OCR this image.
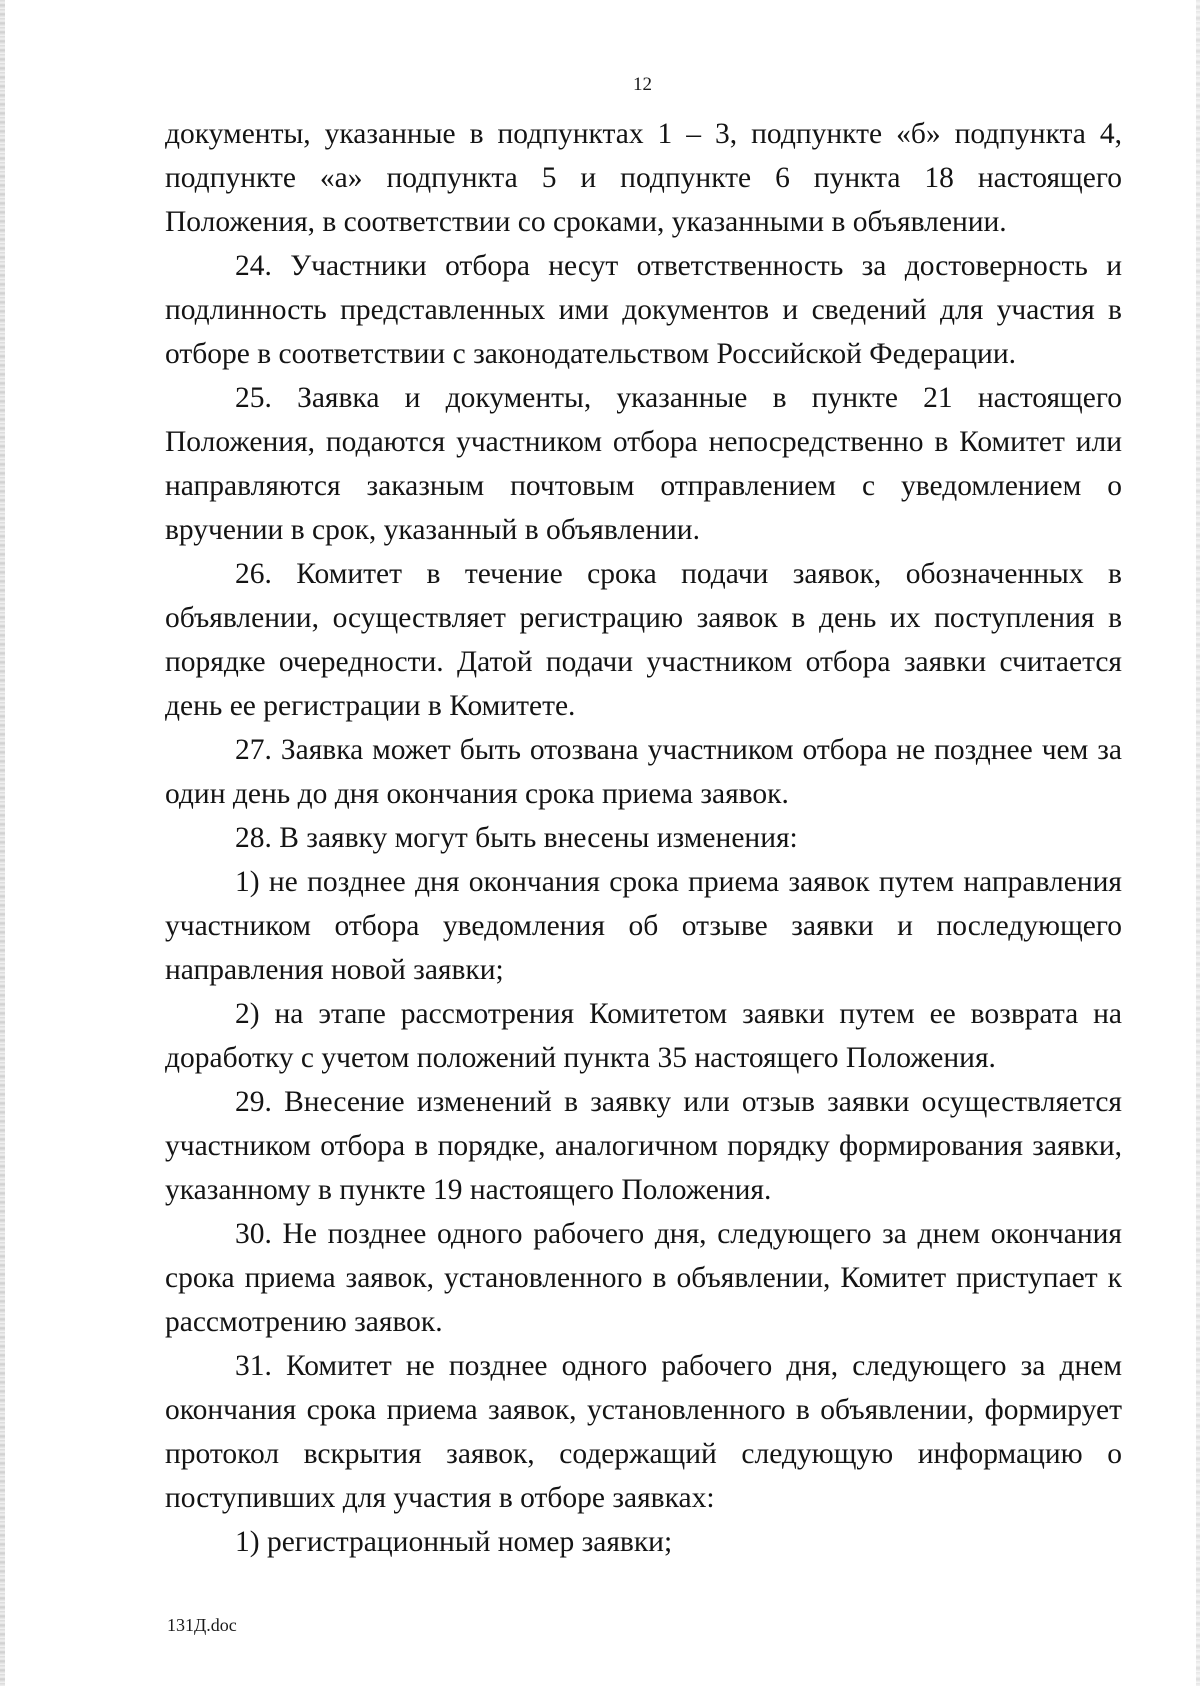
12

документы, указанные в подпунктах 1 – 3, подпункте «б» подпункта 4, подпункте «а» подпункта 5 и подпункте 6 пункта 18 настоящего Положения, в соответствии со сроками, указанными в объявлении.

24. Участники отбора несут ответственность за достоверность и подлинность представленных ими документов и сведений для участия в отборе в соответствии с законодательством Российской Федерации.

25. Заявка и документы, указанные в пункте 21 настоящего Положения, подаются участником отбора непосредственно в Комитет или направляются заказным почтовым отправлением с уведомлением о вручении в срок, указанный в объявлении.

26. Комитет в течение срока подачи заявок, обозначенных в объявлении, осуществляет регистрацию заявок в день их поступления в порядке очередности. Датой подачи участником отбора заявки считается день ее регистрации в Комитете.

27. Заявка может быть отозвана участником отбора не позднее чем за один день до дня окончания срока приема заявок.

28. В заявку могут быть внесены изменения:

1) не позднее дня окончания срока приема заявок путем направления участником отбора уведомления об отзыве заявки и последующего направления новой заявки;

2) на этапе рассмотрения Комитетом заявки путем ее возврата на доработку с учетом положений пункта 35 настоящего Положения.

29. Внесение изменений в заявку или отзыв заявки осуществляется участником отбора в порядке, аналогичном порядку формирования заявки, указанному в пункте 19 настоящего Положения.

30. Не позднее одного рабочего дня, следующего за днем окончания срока приема заявок, установленного в объявлении, Комитет приступает к рассмотрению заявок.

31. Комитет не позднее одного рабочего дня, следующего за днем окончания срока приема заявок, установленного в объявлении, формирует протокол вскрытия заявок, содержащий следующую информацию о поступивших для участия в отборе заявках:

1) регистрационный номер заявки;

131Д.doc
